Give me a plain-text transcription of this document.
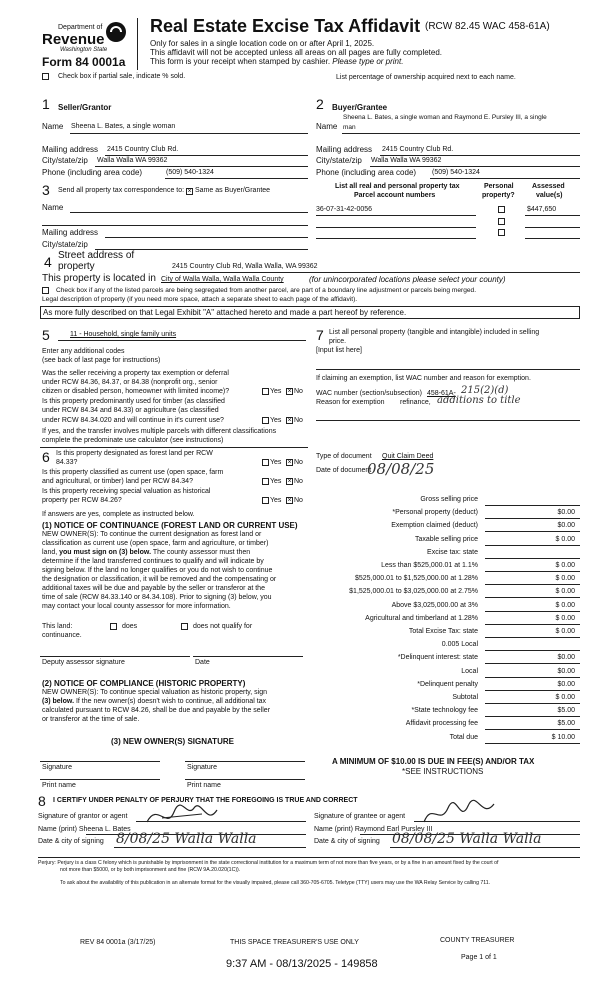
Department of
Revenue
Washington State
Form 84 0001a
Real Estate Excise Tax Affidavit (RCW 82.45 WAC 458-61A)
Only for sales in a single location code on or after April 1, 2025.
This affidavit will not be accepted unless all areas on all pages are fully completed.
This form is your receipt when stamped by cashier. Please type or print.
Check box if partial sale, indicate % sold.	List percentage of ownership acquired next to each name.
1 Seller/Grantor
Name Sheena L. Bates, a single woman
Mailing address 2415 Country Club Rd.
City/state/zip Walla Walla WA 99362
Phone (including area code)	(509) 540-1324
2 Buyer/Grantee
Sheena L. Bates, a single woman and Raymond E. Pursley III, a single
Name man
Mailing address 2415 Country Club Rd.
City/state/zip Walla Walla WA 99362
Phone (including area code) (509) 540-1324
3 Send all property tax correspondence to: × Same as Buyer/Grantee
Name
Mailing address
City/state/zip
List all real and personal property tax
Parcel account numbers
Personal
property?
Assessed
value(s)
36-07-31-42-0056	$447,650
4 Street address of
property	2415 Country Club Rd, Walla Walla, WA 99362
This property is located in City of Walla Walla, Walla Walla County	(for unincorporated locations please select your county)
Check box if any of the listed parcels are being segregated from another parcel, are part of a boundary line adjustment or parcels being merged.
Legal description of property (if you need more space, attach a separate sheet to each page of the affidavit).
As more fully described on that Legal Exhibit "A" attached hereto and made a part hereof by reference.
5	11 - Household, single family units
Enter any additional codes
(see back of last page for instructions)
Was the seller receiving a property tax exemption or deferral
under RCW 84.36, 84.37, or 84.38 (nonprofit org., senior
citizen or disabled person, homeowner with limited income)?	Yes × No
Is this property predominantly used for timber (as classified
under RCW 84.34 and 84.33) or agriculture (as classified
under RCW 84.34.020 and will continue in it's current use?	Yes × No
If yes, and the transfer involves multiple parcels with different classifications
complete the predominate use calculator (see instructions)
6 Is this property designated as forest land per RCW
84.33?	Yes × No
Is this property classified as current use (open space, farm
and agricultural, or timber) land per RCW 84.34?	Yes × No
Is this property receiving special valuation as historical
property per RCW 84.26?	Yes × No
If answers are yes, complete as instructed below.
(1) NOTICE OF CONTINUANCE (FOREST LAND OR CURRENT USE)
NEW OWNER(S): To continue the current designation as forest land or
classification as current use (open space, farm and agriculture, or timber)
land, you must sign on (3) below. The county assessor must then
determine if the land transferred continues to qualify and will indicate by
signing below. If the land no longer qualifies or you do not wish to continue
the designation or classification, it will be removed and the compensating or
additional taxes will be due and payable by the seller or transferor at the
time of sale (RCW 84.33.140 or 84.34.108). Prior to signing (3) below, you
may contact your local county assessor for more information.
This land:	does	does not qualify for
continuance.
Deputy assessor signature	Date
(2) NOTICE OF COMPLIANCE (HISTORIC PROPERTY)
NEW OWNER(S): To continue special valuation as historic property, sign
(3) below. If the new owner(s) doesn't wish to continue, all additional tax
calculated pursuant to RCW 84.26, shall be due and payable by the seller
or transferor at the time of sale.
(3) NEW OWNER(S) SIGNATURE
Signature	Signature
Print name	Print name
7 List all personal property (tangible and intangible) included in selling
price.
[Input list here]
If claiming an exemption, list WAC number and reason for exemption.
WAC number (section/subsection) 458-61A- 215(2)(d)
Reason for exemption refinance, additions to title
Type of document Quit Claim Deed
Date of document
08/08/25
Gross selling price
*Personal property (deduct)	$0.00
Exemption claimed (deduct)	$0.00
Taxable selling price	$ 0.00
Excise tax: state
Less than $525,000.01 at 1.1%	$ 0.00
$525,000.01 to $1,525,000.00 at 1.28%	$ 0.00
$1,525,000.01 to $3,025,000.00 at 2.75%	$ 0.00
Above $3,025,000.00 at 3%	$ 0.00
Agricultural and timberland at 1.28%	$ 0.00
Total Excise Tax: state	$ 0.00
0.005 Local
*Delinquent interest: state	$0.00
Local	$0.00
*Delinquent penalty	$0.00
Subtotal	$ 0.00
*State technology fee	$5.00
Affidavit processing fee	$5.00
Total due	$ 10.00
A MINIMUM OF $10.00 IS DUE IN FEE(S) AND/OR TAX
*SEE INSTRUCTIONS
8 I CERTIFY UNDER PENALTY OF PERJURY THAT THE FOREGOING IS TRUE AND CORRECT
Signature of grantor or agent
Name (print) Sheena L. Bates
Date & city of signing 8/08/25 Walla Walla
Signature of grantee or agent
Name (print) Raymond Earl Pursley III
Date & city of signing 08/08/25 Walla Walla
Perjury: Perjury is a class C felony which is punishable by imprisonment in the state correctional institution for a maximum term of not more than five years, or by a fine in an amount fixed by the court of
not more than $5000, or by both imprisonment and fine (RCW 9A.20.020(1C)).
To ask about the availability of this publication in an alternate format for the visually impaired, please call 360-705-6705. Teletype (TTY) users may use the WA Relay Service by calling 711.
REV 84 0001a (3/17/25)	THIS SPACE TREASURER'S USE ONLY	COUNTY TREASURER
9:37 AM - 08/13/2025 - 149858
Page 1 of 1
